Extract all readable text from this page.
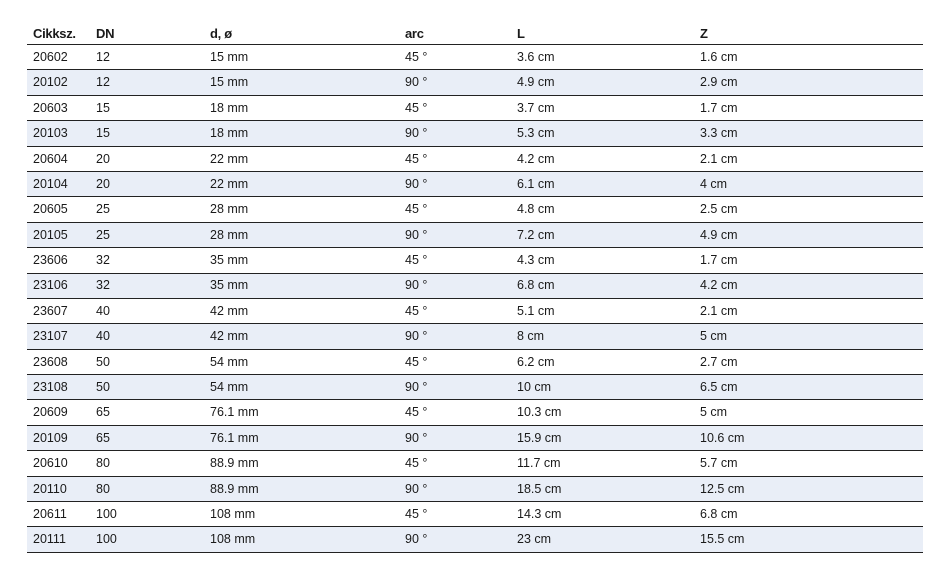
Cikksz.	DN	d, ø	arc	L	Z
20602	12	15 mm	45 °	3.6 cm	1.6 cm
20102	12	15 mm	90 °	4.9 cm	2.9 cm
20603	15	18 mm	45 °	3.7 cm	1.7 cm
20103	15	18 mm	90 °	5.3 cm	3.3 cm
20604	20	22 mm	45 °	4.2 cm	2.1 cm
20104	20	22 mm	90 °	6.1 cm	4 cm
20605	25	28 mm	45 °	4.8 cm	2.5 cm
20105	25	28 mm	90 °	7.2 cm	4.9 cm
23606	32	35 mm	45 °	4.3 cm	1.7 cm
23106	32	35 mm	90 °	6.8 cm	4.2 cm
23607	40	42 mm	45 °	5.1 cm	2.1 cm
23107	40	42 mm	90 °	8 cm	5 cm
23608	50	54 mm	45 °	6.2 cm	2.7 cm
23108	50	54 mm	90 °	10 cm	6.5 cm
20609	65	76.1 mm	45 °	10.3 cm	5 cm
20109	65	76.1 mm	90 °	15.9 cm	10.6 cm
20610	80	88.9 mm	45 °	11.7 cm	5.7 cm
20110	80	88.9 mm	90 °	18.5 cm	12.5 cm
20611	100	108 mm	45 °	14.3 cm	6.8 cm
20111	100	108 mm	90 °	23 cm	15.5 cm
